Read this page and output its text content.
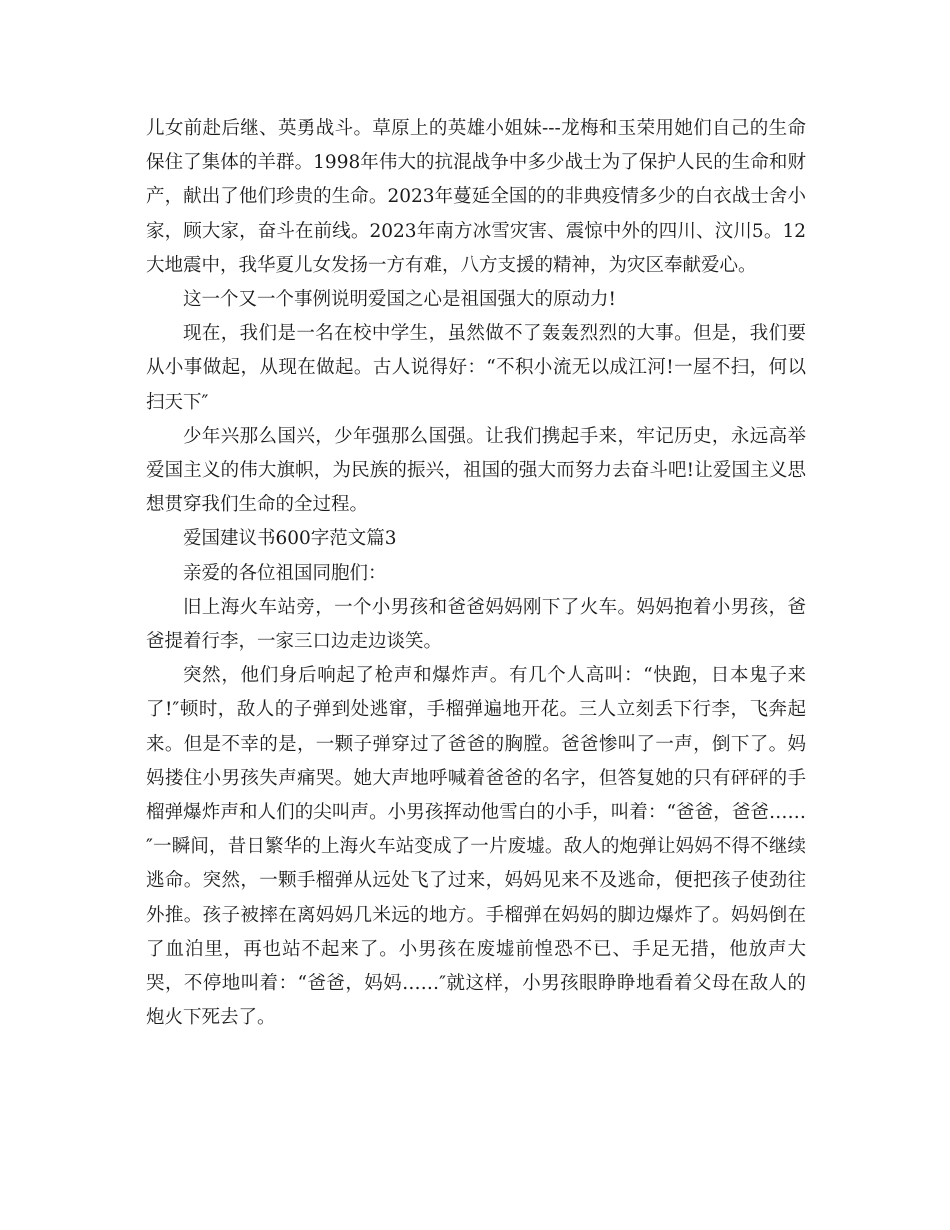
儿女前赴后继、英勇战斗。草原上的英雄小姐妹---龙梅和玉荣用她们自己的生命保住了集体的羊群。1998年伟大的抗混战争中多少战士为了保护人民的生命和财产，献出了他们珍贵的生命。2023年蔓延全国的的非典疫情多少的白衣战士舍小家，顾大家，奋斗在前线。2023年南方冰雪灾害、震惊中外的四川、汶川5。12大地震中，我华夏儿女发扬一方有难，八方支援的精神，为灾区奉献爱心。

这一个又一个事例说明爱国之心是祖国强大的原动力!

现在，我们是一名在校中学生，虽然做不了轰轰烈烈的大事。但是，我们要从小事做起，从现在做起。古人说得好：“不积小流无以成江河!一屋不扫，何以扫天下″

少年兴那么国兴，少年强那么国强。让我们携起手来，牢记历史，永远高举爱国主义的伟大旗帜，为民族的振兴，祖国的强大而努力去奋斗吧!让爱国主义思想贯穿我们生命的全过程。

爱国建议书600字范文篇3

亲爱的各位祖国同胞们：

旧上海火车站旁，一个小男孩和爸爸妈妈刚下了火车。妈妈抱着小男孩，爸爸提着行李，一家三口边走边谈笑。

突然，他们身后响起了枪声和爆炸声。有几个人高叫：“快跑，日本鬼子来了!″顿时，敌人的子弹到处逃窜，手榴弹遍地开花。三人立刻丢下行李，飞奔起来。但是不幸的是，一颗子弹穿过了爸爸的胸膛。爸爸惨叫了一声，倒下了。妈妈搂住小男孩失声痛哭。她大声地呼喊着爸爸的名字，但答复她的只有砰砰的手榴弹爆炸声和人们的尖叫声。小男孩挥动他雪白的小手，叫着：“爸爸，爸爸……″一瞬间，昔日繁华的上海火车站变成了一片废墟。敌人的炮弹让妈妈不得不继续逃命。突然，一颗手榴弹从远处飞了过来，妈妈见来不及逃命，便把孩子使劲往外推。孩子被摔在离妈妈几米远的地方。手榴弹在妈妈的脚边爆炸了。妈妈倒在了血泊里，再也站不起来了。小男孩在废墟前惶恐不已、手足无措，他放声大哭，不停地叫着：“爸爸，妈妈……″就这样，小男孩眼睁睁地看着父母在敌人的炮火下死去了。
